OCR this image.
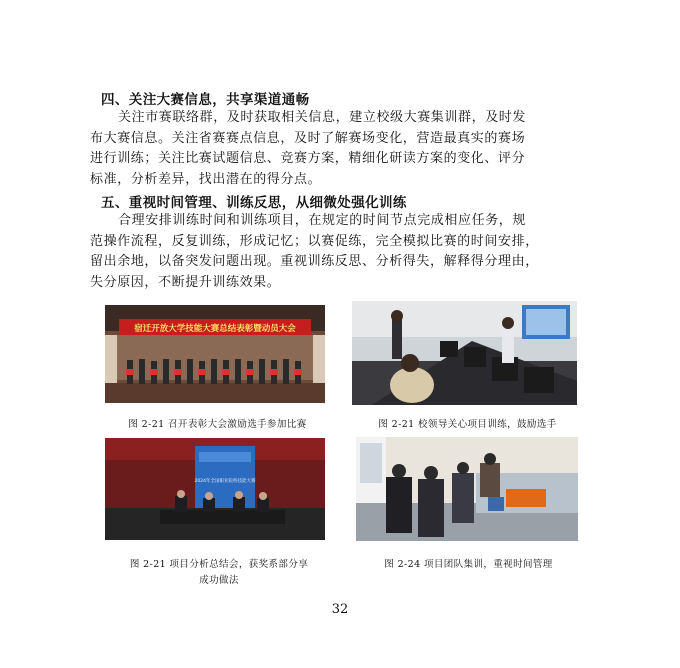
四、关注大赛信息，共享渠道通畅
关注市赛联络群，及时获取相关信息，建立校级大赛集训群，及时发
布大赛信息。关注省赛赛点信息，及时了解赛场变化，营造最真实的赛场
进行训练；关注比赛试题信息、竞赛方案，精细化研读方案的变化、评分
标准，分析差异，找出潜在的得分点。
五、重视时间管理、训练反思，从细微处强化训练
合理安排训练时间和训练项目，在规定的时间节点完成相应任务，规
范操作流程，反复训练，形成记忆；以赛促练，完全模拟比赛的时间安排，
留出余地，以备突发问题出现。重视训练反思、分析得失，解释得分理由，
失分原因，不断提升训练效果。
宿迁开放大学技能大赛总结表彰暨动员大会
图 2-21 召开表彰大会激励选手参加比赛	图 2-21 校领导关心项目训练，鼓励选手
2024年全国职业院校技能大赛
图 2-21 项目分析总结会，获奖系部分享
成功做法
图 2-24 项目团队集训，重视时间管理
32
